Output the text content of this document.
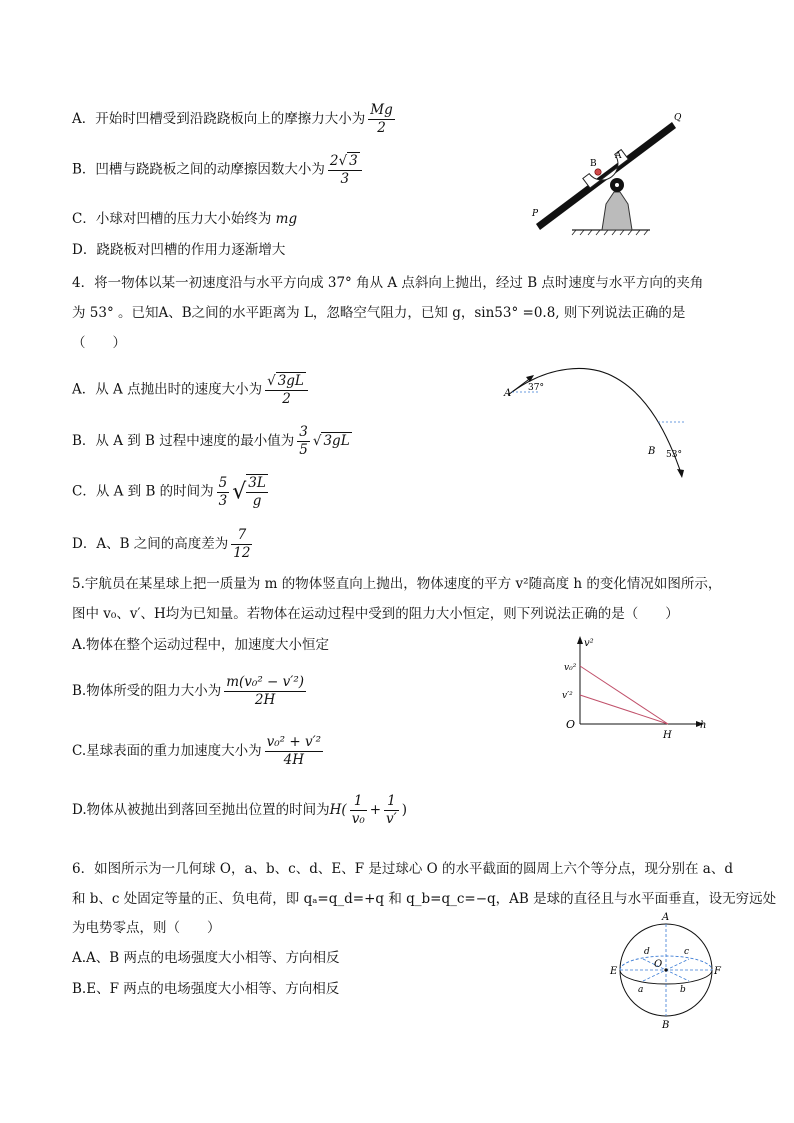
A．开始时凹槽受到沿跷跷板向上的摩擦力大小为 $\frac{Mg}{2}$
B．凹槽与跷跷板之间的动摩擦因数大小为 $\frac{2√ 3}{3}$
C．小球对凹槽的压力大小始终为 mg
D．跷跷板对凹槽的作用力逐渐增大
Q
P
B
A
4．将一物体以某一初速度沿与水平方向成 37° 角从 A 点斜向上抛出，经过 B 点时速度与水平方向的夹角
为 53° 。已知A、B之间的水平距离为 L，忽略空气阻力，已知 g，sin53° =0.8, 则下列说法正确的是
（　　）
A．从 A 点抛出时的速度大小为 $\frac{√ 3gL}{2}$
B．从 A 到 B 过程中速度的最小值为 $\frac{3}{5}$ √ 3gL
C．从 A 到 B 的时间为 $\frac{5}{3}$ √ $\frac{3L}{g}$
D．A、B 之间的高度差为 $\frac{7}{12}$
A 37°
B 53°
5.宇航员在某星球上把一质量为 m 的物体竖直向上抛出，物体速度的平方 v²随高度 h 的变化情况如图所示，
图中 v₀、v′、H均为已知量。若物体在运动过程中受到的阻力大小恒定，则下列说法正确的是（　　）
A.物体在整个运动过程中，加速度大小恒定
B.物体所受的阻力大小为 $\frac{\text{m(v₀² − v′²)}}{2H}$
C.星球表面的重力加速度大小为 $\frac{\text{v₀² + v′²}}{4H}$
D.物体从被抛出到落回至抛出位置的时间为$H( \frac{1}{\text{v₀}} + \frac{1}{v'}$ )
v²
v₀²
v′²
O
H
h
6．如图所示为一几何球 O，a、b、c、d、E、F 是过球心 O 的水平截面的圆周上六个等分点，现分别在 a、d
和 b、c 处固定等量的正、负电荷，即 qₐ=q_d=+q 和 q_b=q_c=−q，AB 是球的直径且与水平面垂直，设无穷远处
为电势零点，则（　　）
A.A、B 两点的电场强度大小相等、方向相反
B.E、F 两点的电场强度大小相等、方向相反
A
B
E	F
O
a	b
c
d
